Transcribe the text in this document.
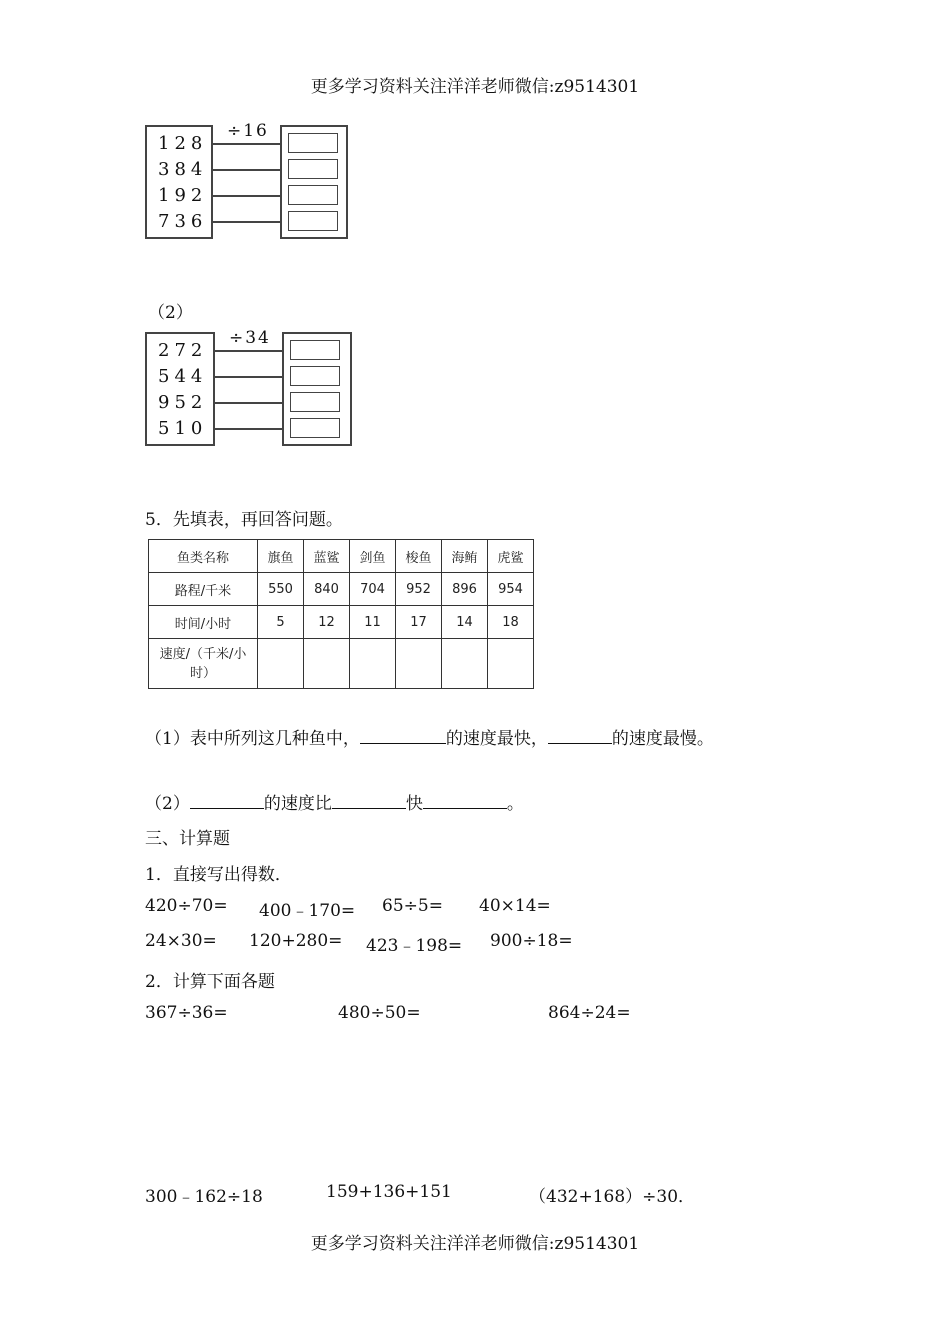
更多学习资料关注洋洋老师微信:z9514301
128
384
192
736
÷16
（2）
272
544
952
510
÷34
5．先填表，再回答问题。
鱼类名称	旗鱼	蓝鲨	剑鱼	梭鱼	海鲔	虎鲨
路程/千米	550	840	704	952	896	954
时间/小时	5	12	11	17	14	18
速度/（千米/小时）						
（1）表中所列这几种鱼中，	的速度最快，	的速度最慢。
（2）	的速度比	快	。
三、计算题
1．直接写出得数．
420÷70= 400﹣170= 65÷5= 40×14=
24×30= 120+280= 423﹣198= 900÷18=
2．计算下面各题
367÷36=	480÷50=	864÷24=
300﹣162÷18	159+136+151	（432+168）÷30．
更多学习资料关注洋洋老师微信:z9514301
